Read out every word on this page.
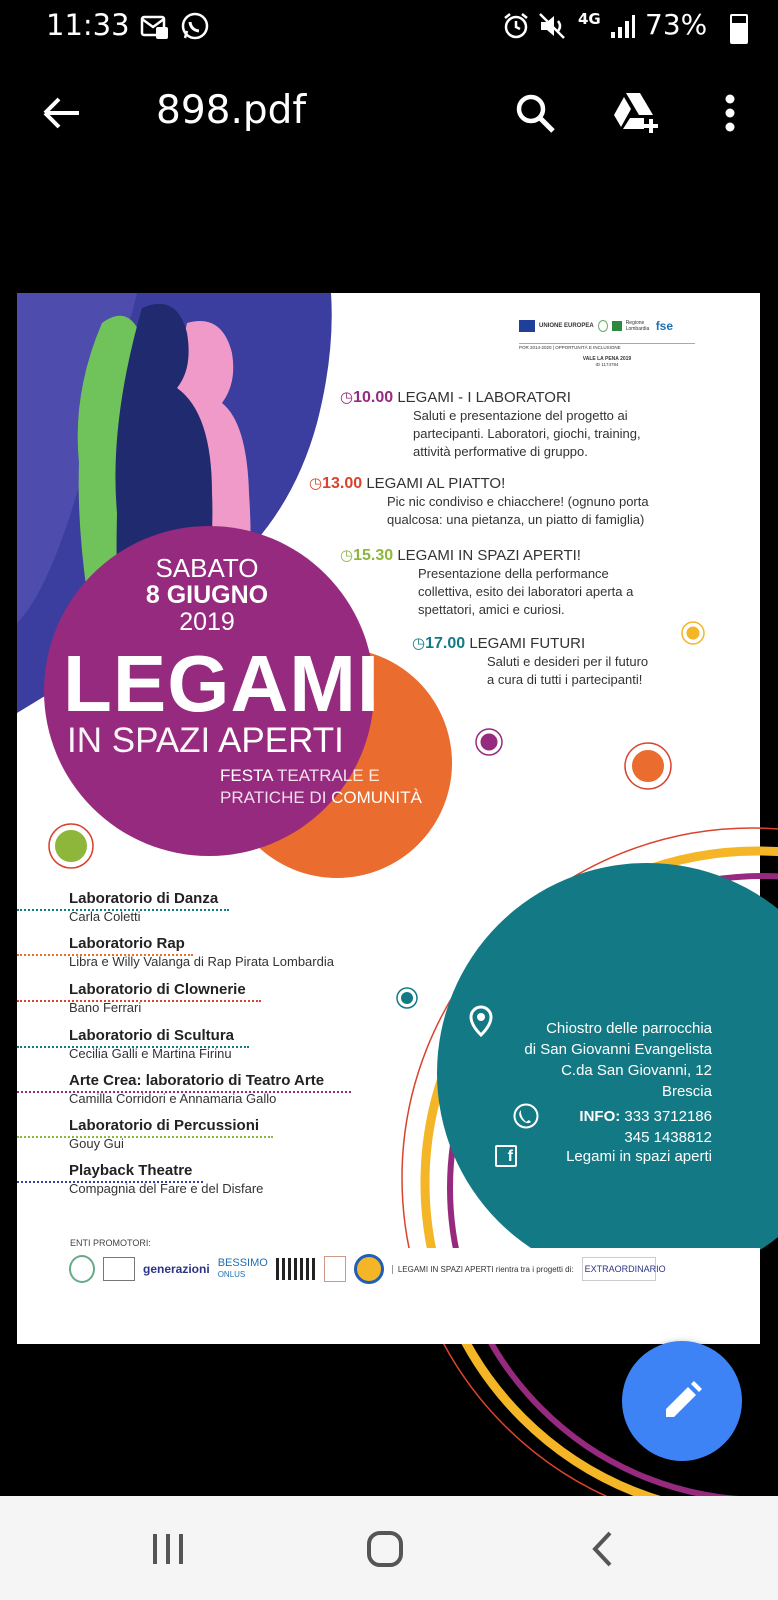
11:33	4G 73%
898.pdf
UNIONE EUROPEA	Regione Lombardia fse
POR 2014-2020 | OPPORTUNITÀ E INCLUSIONE
VALE LA PENA 2019
ID 1174784
SABATO
8 GIUGNO
2019
LEGAMI
IN SPAZI APERTI
FESTA TEATRALE E
PRATICHE DI COMUNITÀ
◷10.00 LEGAMI - I LABORATORI
Saluti e presentazione del progetto ai
partecipanti. Laboratori, giochi, training,
attività performative di gruppo.
◷13.00 LEGAMI AL PIATTO!
Pic nic condiviso e chiacchere! (ognuno porta
qualcosa: una pietanza, un piatto di famiglia)
◷15.30 LEGAMI IN SPAZI APERTI!
Presentazione della performance
collettiva, esito dei laboratori aperta a
spettatori, amici e curiosi.
◷17.00 LEGAMI FUTURI
Saluti e desideri per il futuro
a cura di tutti i partecipanti!
Laboratorio di Danza
Carla Coletti
Laboratorio Rap
Libra e Willy Valanga di Rap Pirata Lombardia
Laboratorio di Clownerie
Bano Ferrari
Laboratorio di Scultura
Cecilia Galli e Martina Firinu
Arte Crea: laboratorio di Teatro Arte
Camilla Corridori e Annamaria Gallo
Laboratorio di Percussioni
Gouy Gui
Playback Theatre
Compagnia del Fare e del Disfare
Chiostro delle parrocchia
di San Giovanni Evangelista
C.da San Giovanni, 12
Brescia
INFO: 333 3712186
345 1438812
f	Legami in spazi aperti
ENTI PROMOTORI:
generazioni BESSIMO
ONLUS
LEGAMI IN SPAZI APERTI rientra tra i progetti di:	EXTRAORDINARIO
